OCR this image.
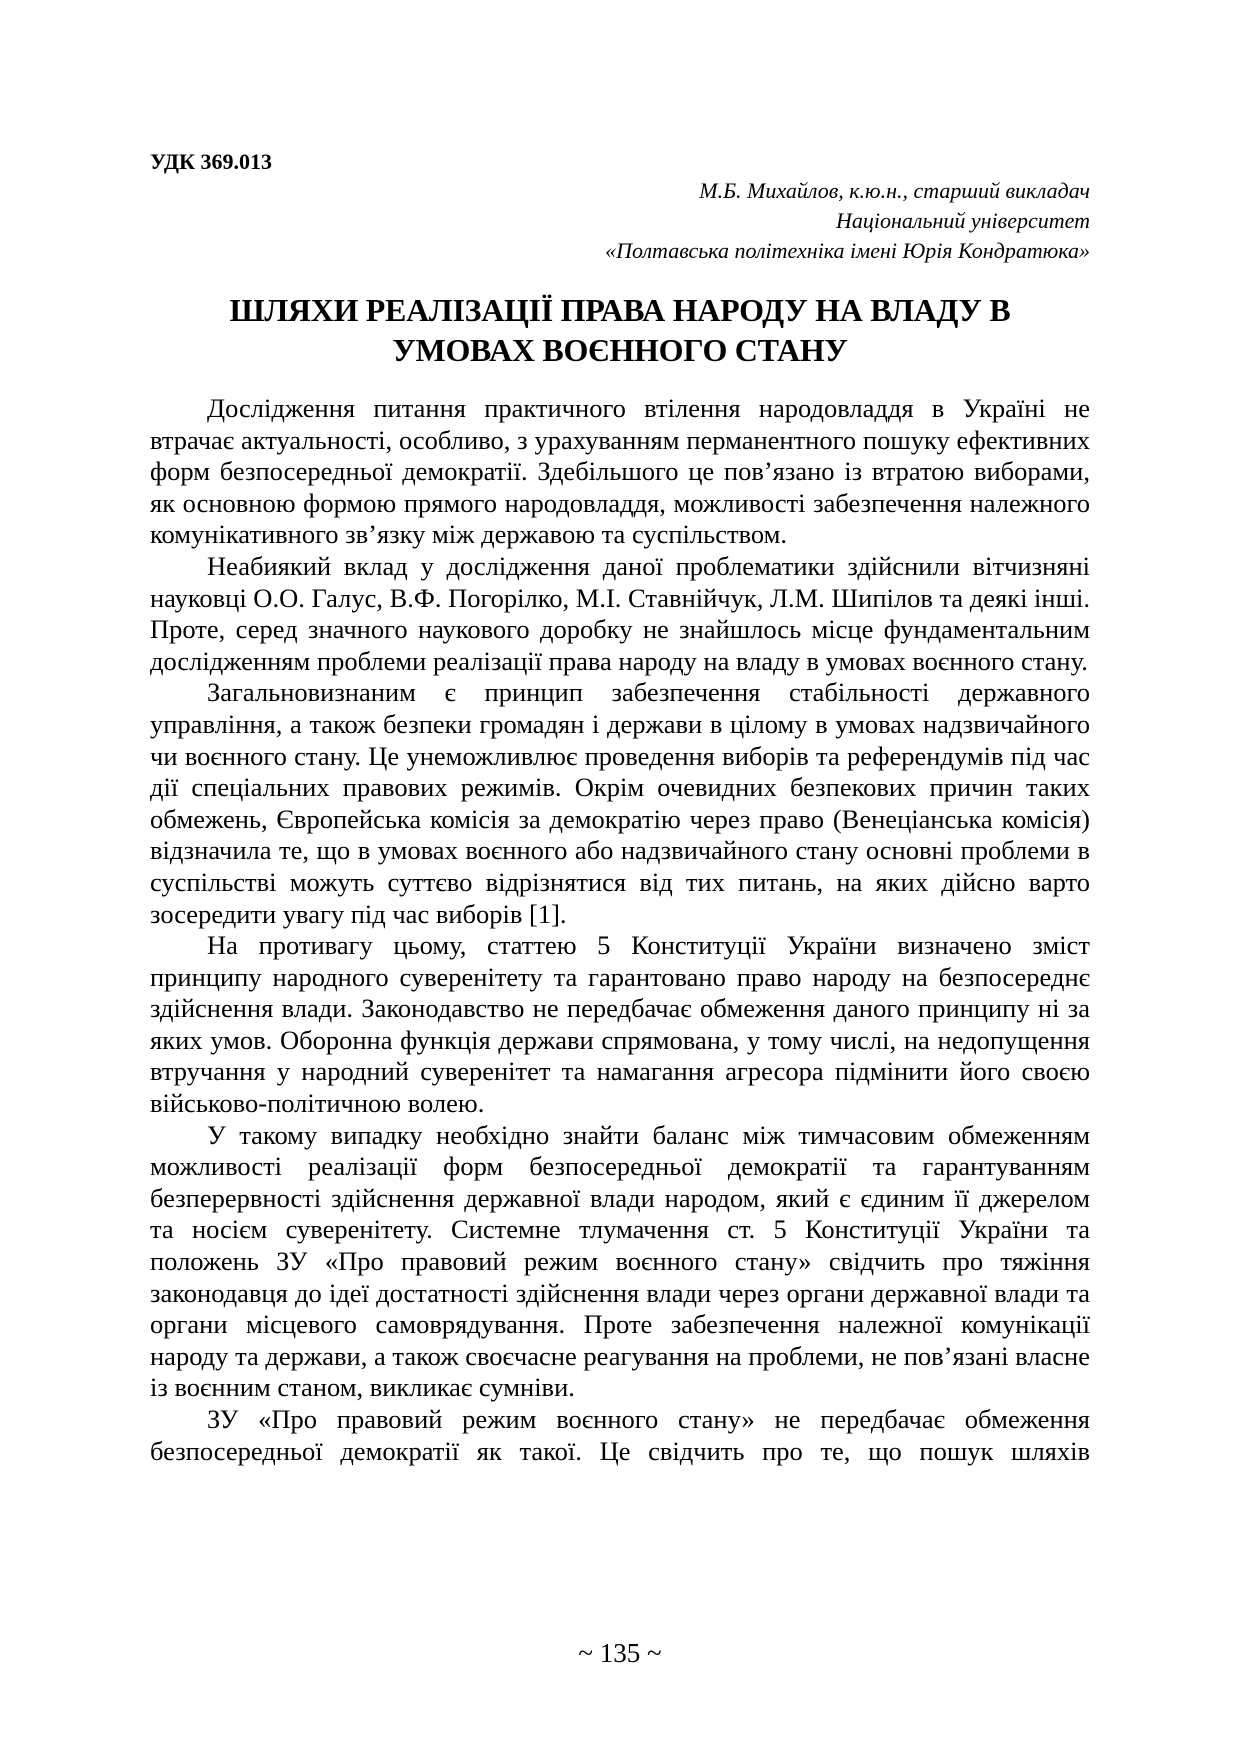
УДК 369.013
М.Б. Михайлов, к.ю.н., старший викладач
Національний університет
«Полтавська політехніка імені Юрія Кондратюка»
ШЛЯХИ РЕАЛІЗАЦІЇ ПРАВА НАРОДУ НА ВЛАДУ В
УМОВАХ ВОЄННОГО СТАНУ

Дослідження питання практичного втілення народовладдя в Україні не втрачає актуальності, особливо, з урахуванням перманентного пошуку ефективних форм безпосередньої демократії. Здебільшого це пов’язано із втратою виборами, як основною формою прямого народовладдя, можливості забезпечення належного комунікативного зв’язку між державою та суспільством.

Неабиякий вклад у дослідження даної проблематики здійснили вітчизняні науковці О.О. Галус, В.Ф. Погорілко, М.І. Ставнійчук, Л.М. Шипілов та деякі інші. Проте, серед значного наукового доробку не знайшлось місце фундаментальним дослідженням проблеми реалізації права народу на владу в умовах воєнного стану.

Загальновизнаним є принцип забезпечення стабільності державного управління, а також безпеки громадян і держави в цілому в умовах надзвичайного чи воєнного стану. Це унеможливлює проведення виборів та референдумів під час дії спеціальних правових режимів. Окрім очевидних безпекових причин таких обмежень, Європейська комісія за демократію через право (Венеціанська комісія) відзначила те, що в умовах воєнного або надзвичайного стану основні проблеми в суспільстві можуть суттєво відрізнятися від тих питань, на яких дійсно варто зосередити увагу під час виборів [1].

На противагу цьому, статтею 5 Конституції України визначено зміст принципу народного суверенітету та гарантовано право народу на безпосереднє здійснення влади. Законодавство не передбачає обмеження даного принципу ні за яких умов. Оборонна функція держави спрямована, у тому числі, на недопущення втручання у народний суверенітет та намагання агресора підмінити його своєю військово-політичною волею.

У такому випадку необхідно знайти баланс між тимчасовим обмеженням можливості реалізації форм безпосередньої демократії та гарантуванням безперервності здійснення державної влади народом, який є єдиним її джерелом та носієм суверенітету. Системне тлумачення ст. 5 Конституції України та положень ЗУ «Про правовий режим воєнного стану» свідчить про тяжіння законодавця до ідеї достатності здійснення влади через органи державної влади та органи місцевого самоврядування. Проте забезпечення належної комунікації народу та держави, а також своєчасне реагування на проблеми, не пов’язані власне із воєнним станом, викликає сумніви.

ЗУ «Про правовий режим воєнного стану» не передбачає обмеження безпосередньої демократії як такої. Це свідчить про те, що пошук шляхів

~ 135 ~
